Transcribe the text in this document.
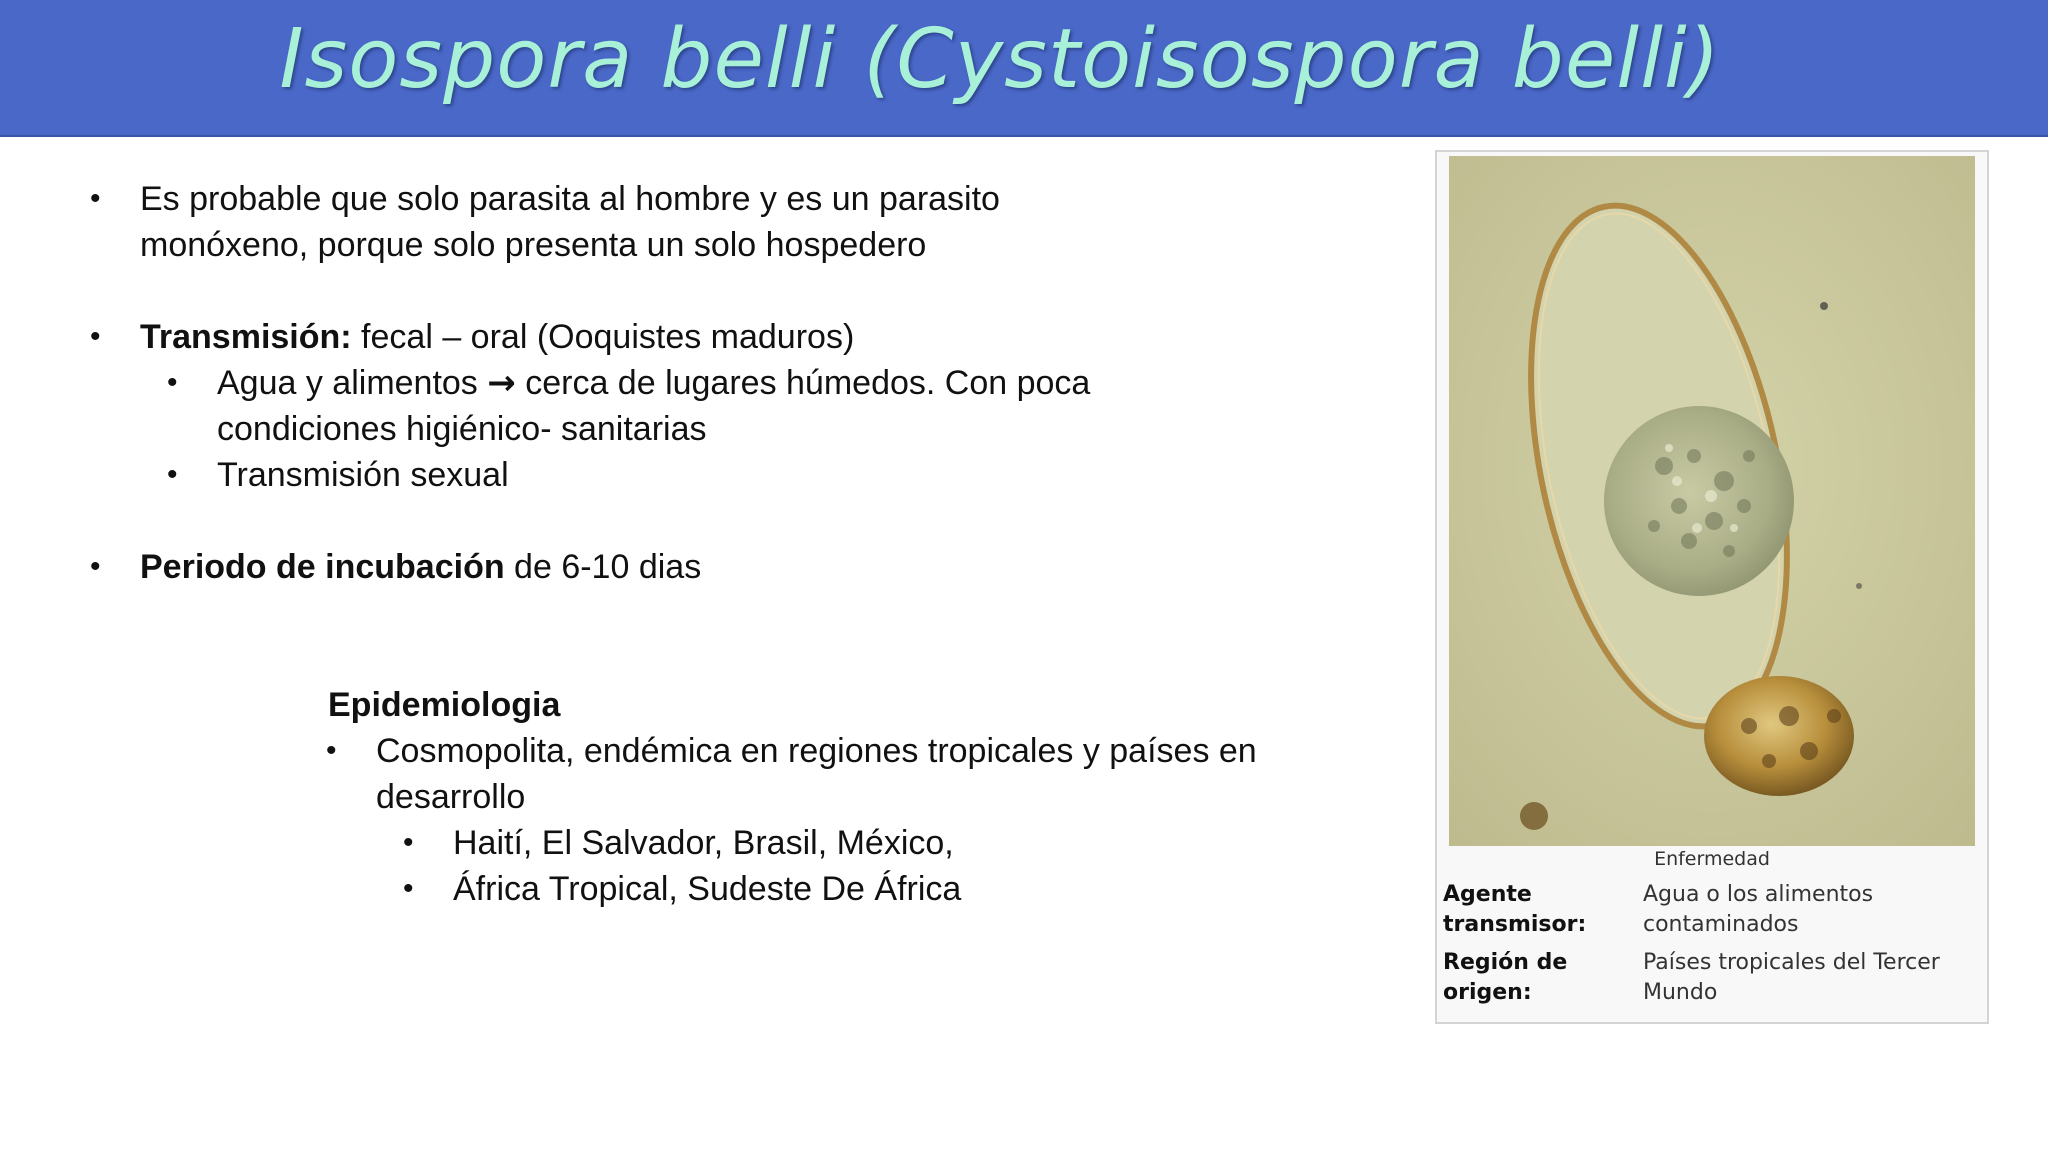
Isospora belli (Cystoisospora belli)
•	Es probable que solo parasita al hombre y es un parasito
monóxeno, porque solo presenta un solo hospedero
•	Transmisión: fecal – oral (Ooquistes maduros)
•	Agua y alimentos → cerca de lugares húmedos. Con poca
condiciones higiénico- sanitarias
•	Transmisión sexual
•	Periodo de incubación de 6-10 dias
Epidemiologia
•	Cosmopolita, endémica en regiones tropicales y países en
desarrollo
•	Haití, El Salvador, Brasil, México,
•	África Tropical, Sudeste De África
Enfermedad
Agente
transmisor:
Agua o los alimentos
contaminados
Región de
origen:
Países tropicales del Tercer
Mundo
